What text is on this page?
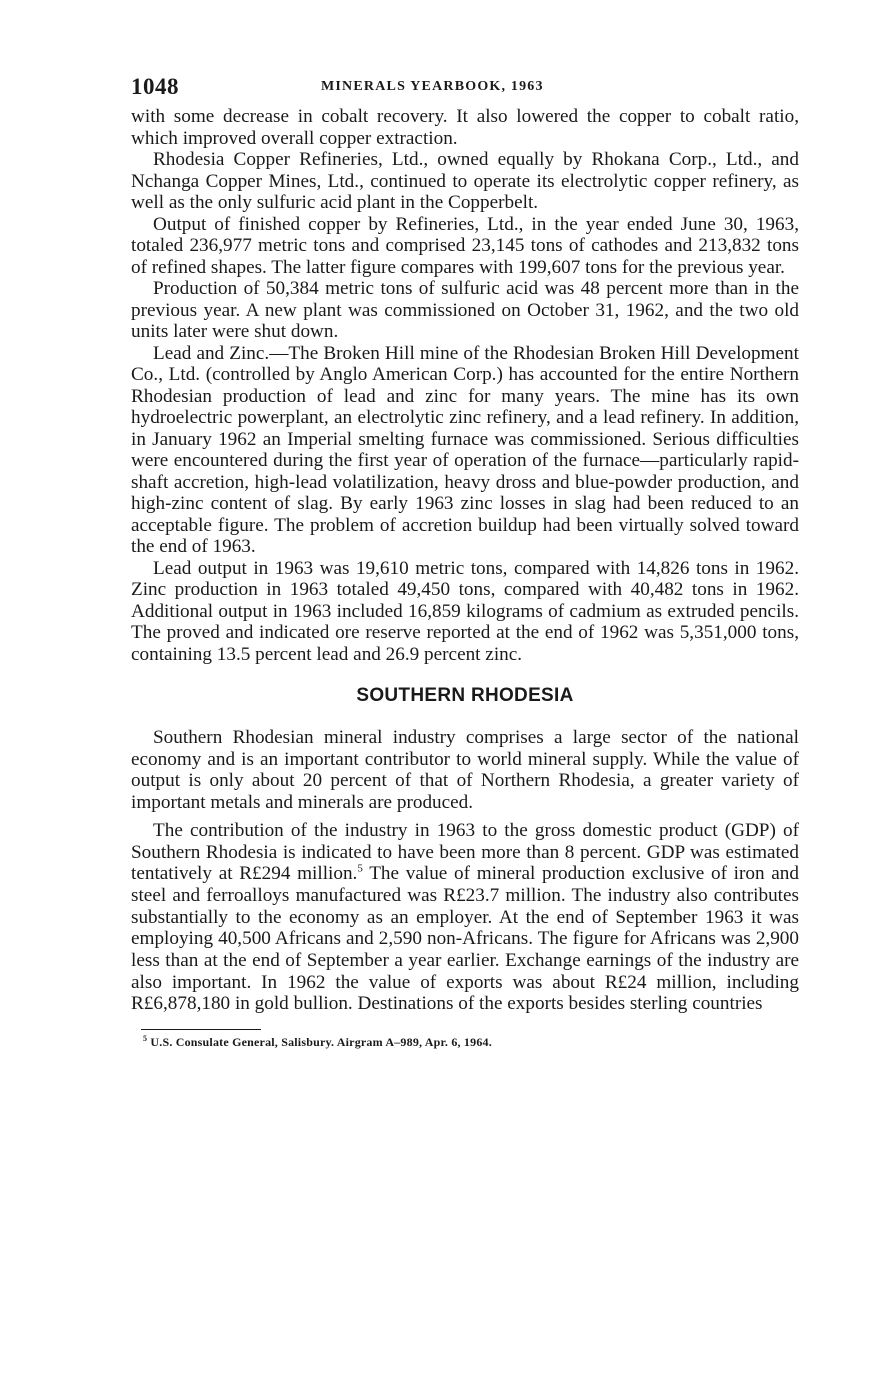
1048	MINERALS YEARBOOK, 1963

with some decrease in cobalt recovery. It also lowered the copper to cobalt ratio, which improved overall copper extraction.

Rhodesia Copper Refineries, Ltd., owned equally by Rhokana Corp., Ltd., and Nchanga Copper Mines, Ltd., continued to operate its electrolytic copper refinery, as well as the only sulfuric acid plant in the Copperbelt.

Output of finished copper by Refineries, Ltd., in the year ended June 30, 1963, totaled 236,977 metric tons and comprised 23,145 tons of cathodes and 213,832 tons of refined shapes. The latter figure compares with 199,607 tons for the previous year.

Production of 50,384 metric tons of sulfuric acid was 48 percent more than in the previous year. A new plant was commissioned on October 31, 1962, and the two old units later were shut down.

Lead and Zinc.—The Broken Hill mine of the Rhodesian Broken Hill Development Co., Ltd. (controlled by Anglo American Corp.) has accounted for the entire Northern Rhodesian production of lead and zinc for many years. The mine has its own hydroelectric powerplant, an electrolytic zinc refinery, and a lead refinery. In addition, in January 1962 an Imperial smelting furnace was commissioned. Serious difficulties were encountered during the first year of operation of the furnace—particularly rapid-shaft accretion, high-lead volatilization, heavy dross and blue-powder production, and high-zinc content of slag. By early 1963 zinc losses in slag had been reduced to an acceptable figure. The problem of accretion buildup had been virtually solved toward the end of 1963.

Lead output in 1963 was 19,610 metric tons, compared with 14,826 tons in 1962. Zinc production in 1963 totaled 49,450 tons, compared with 40,482 tons in 1962. Additional output in 1963 included 16,859 kilograms of cadmium as extruded pencils. The proved and indicated ore reserve reported at the end of 1962 was 5,351,000 tons, containing 13.5 percent lead and 26.9 percent zinc.

SOUTHERN RHODESIA

Southern Rhodesian mineral industry comprises a large sector of the national economy and is an important contributor to world mineral supply. While the value of output is only about 20 percent of that of Northern Rhodesia, a greater variety of important metals and minerals are produced.

The contribution of the industry in 1963 to the gross domestic product (GDP) of Southern Rhodesia is indicated to have been more than 8 percent. GDP was estimated tentatively at R£294 million.$^5$ The value of mineral production exclusive of iron and steel and ferroalloys manufactured was R£23.7 million. The industry also contributes substantially to the economy as an employer. At the end of September 1963 it was employing 40,500 Africans and 2,590 non-Africans. The figure for Africans was 2,900 less than at the end of September a year earlier. Exchange earnings of the industry are also important. In 1962 the value of exports was about R£24 million, including R£6,878,180 in gold bullion. Destinations of the exports besides sterling countries

$^5$ U.S. Consulate General, Salisbury. Airgram A–989, Apr. 6, 1964.
